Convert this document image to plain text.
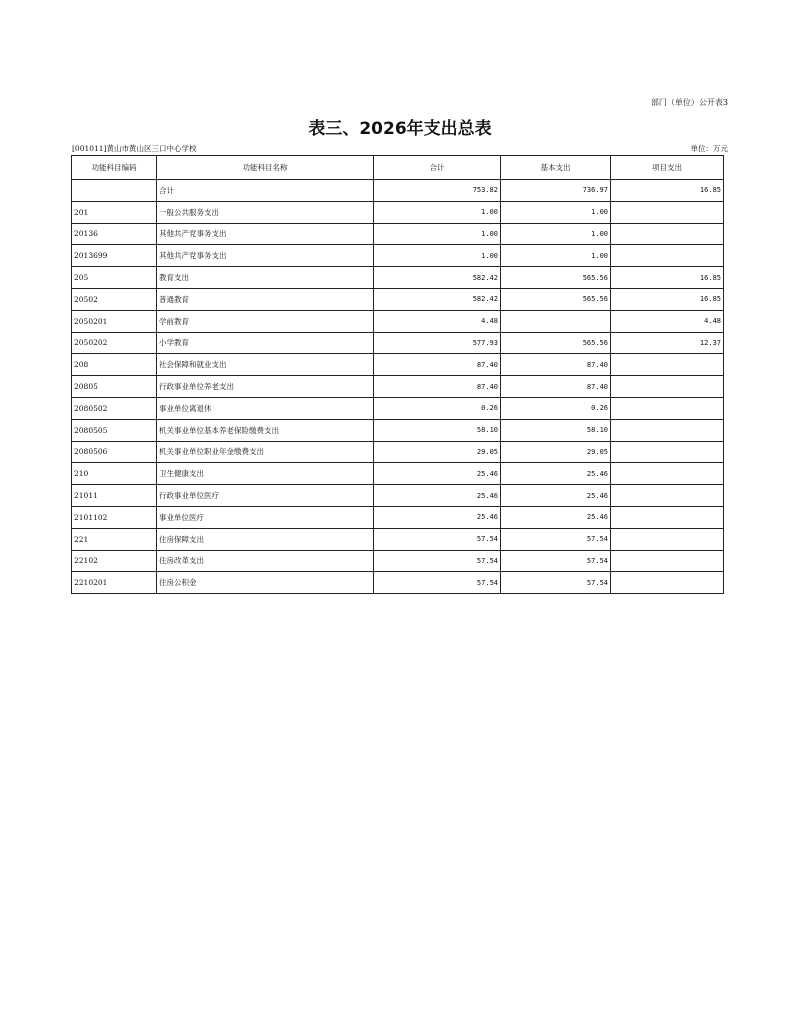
部门（单位）公开表3
表三、2026年支出总表
[001011]黄山市黄山区三口中心学校	单位：万元
功能科目编码	功能科目名称	合计	基本支出	项目支出
	合计	753.82	736.97	16.85
201	一般公共服务支出	1.00	1.00	
20136	其他共产党事务支出	1.00	1.00	
2013699	其他共产党事务支出	1.00	1.00	
205	教育支出	582.42	565.56	16.85
20502	普通教育	582.42	565.56	16.85
2050201	学前教育	4.48		4.48
2050202	小学教育	577.93	565.56	12.37
208	社会保障和就业支出	87.40	87.40	
20805	行政事业单位养老支出	87.40	87.40	
2080502	事业单位离退休	0.26	0.26	
2080505	机关事业单位基本养老保险缴费支出	58.10	58.10	
2080506	机关事业单位职业年金缴费支出	29.05	29.05	
210	卫生健康支出	25.46	25.46	
21011	行政事业单位医疗	25.46	25.46	
2101102	事业单位医疗	25.46	25.46	
221	住房保障支出	57.54	57.54	
22102	住房改革支出	57.54	57.54	
2210201	住房公积金	57.54	57.54	
